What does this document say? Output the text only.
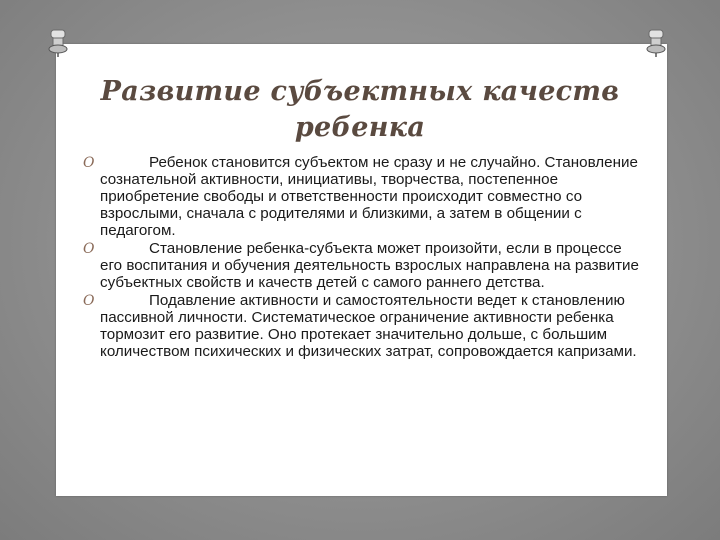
Развитие субъектных качеств
ребенка
O	Ребенок становится субъектом не сразу и не случайно. Становление сознательной активности, инициативы, творчества, постепенное приобретение свободы и ответственности происходит совместно со взрослыми, сначала с родителями и близкими, а затем в общении с педагогом.
O	Становление ребенка-субъекта может произойти, если в процессе его воспитания и обучения деятельность взрослых направлена на развитие субъектных свойств и качеств детей с самого раннего детства.
O	Подавление активности и самостоятельности ведет к становлению пассивной личности. Систематическое ограничение активности ребенка тормозит его развитие. Оно протекает значительно дольше, с большим количеством психических и физических затрат, сопровождается капризами.
